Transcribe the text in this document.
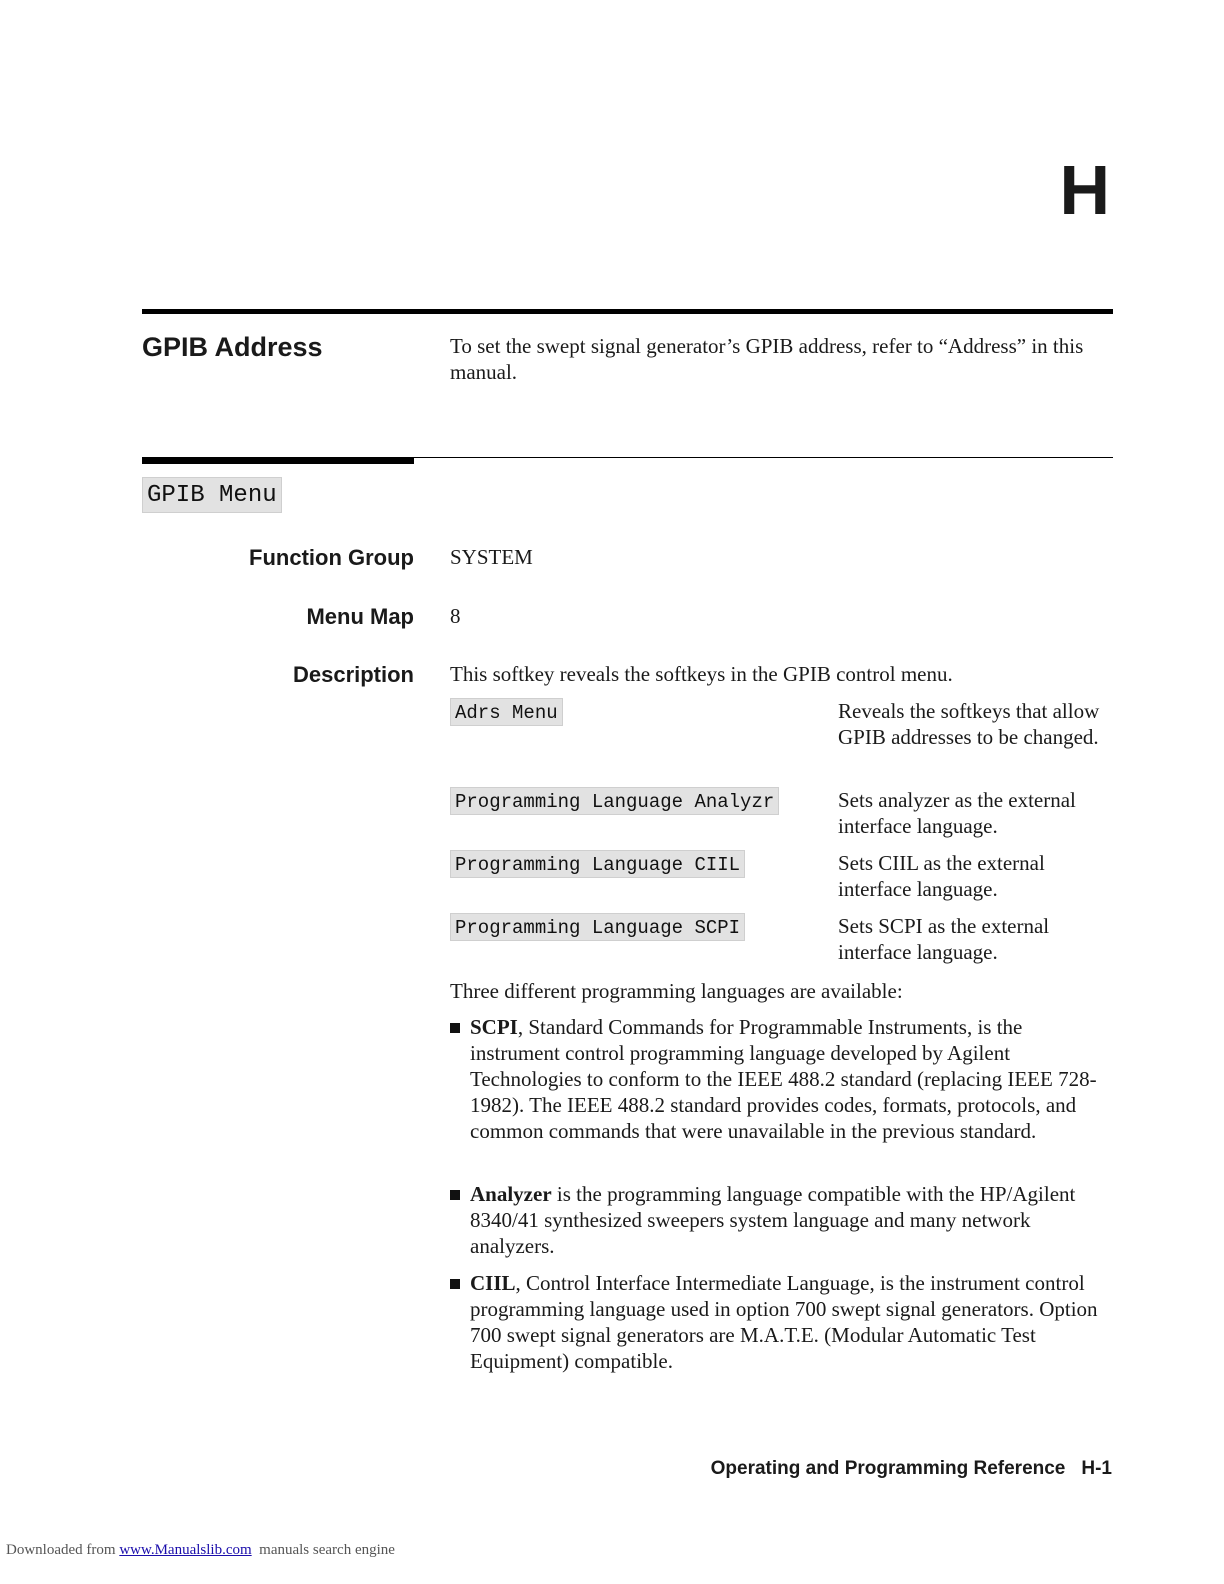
H
GPIB Address	To set the swept signal generator’s GPIB address, refer to “Address” in this manual.
GPIB Menu
Function Group SYSTEM
Menu Map 8
Description This softkey reveals the softkeys in the GPIB control menu.
Adrs Menu	Reveals the softkeys that allow GPIB addresses to be changed.
Programming Language Analyzr	Sets analyzer as the external interface language.
Programming Language CIIL	Sets CIIL as the external interface language.
Programming Language SCPI	Sets SCPI as the external interface language.
Three different programming languages are available:
SCPI, Standard Commands for Programmable Instruments, is the instrument control programming language developed by Agilent Technologies to conform to the IEEE 488.2 standard (replacing IEEE 728-1982). The IEEE 488.2 standard provides codes, formats, protocols, and common commands that were unavailable in the previous standard.
Analyzer is the programming language compatible with the HP/Agilent 8340/41 synthesized sweepers system language and many network analyzers.
CIIL, Control Interface Intermediate Language, is the instrument control programming language used in option 700 swept signal generators. Option 700 swept signal generators are M.A.T.E. (Modular Automatic Test Equipment) compatible.
Operating and Programming Reference H-1
Downloaded from www.Manualslib.com  manuals search engine
